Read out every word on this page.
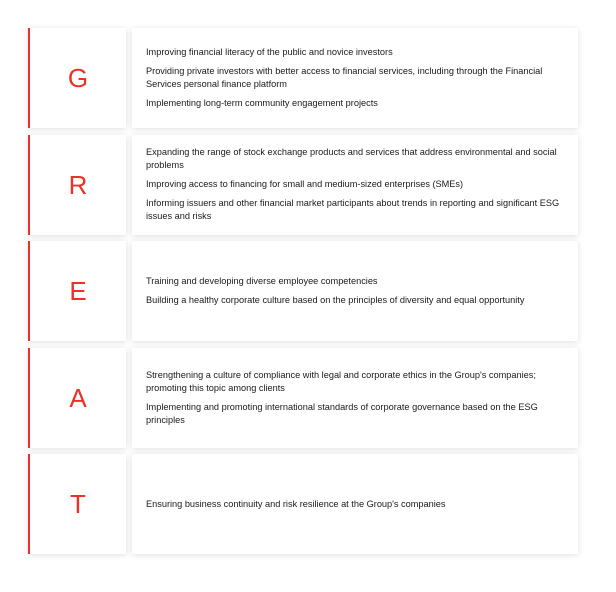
G
Improving financial literacy of the public and novice investors
Providing private investors with better access to financial services, including through the Financial Services personal finance platform
Implementing long-term community engagement projects
R
Expanding the range of stock exchange products and services that address environmental and social problems
Improving access to financing for small and medium-sized enterprises (SMEs)
Informing issuers and other financial market participants about trends in reporting and significant ESG issues and risks
E	Training and developing diverse employee competencies
Building a healthy corporate culture based on the principles of diversity and equal opportunity
A
Strengthening a culture of compliance with legal and corporate ethics in the Group's companies; promoting this topic among clients
Implementing and promoting international standards of corporate governance based on the ESG principles
T	Ensuring business continuity and risk resilience at the Group's companies
